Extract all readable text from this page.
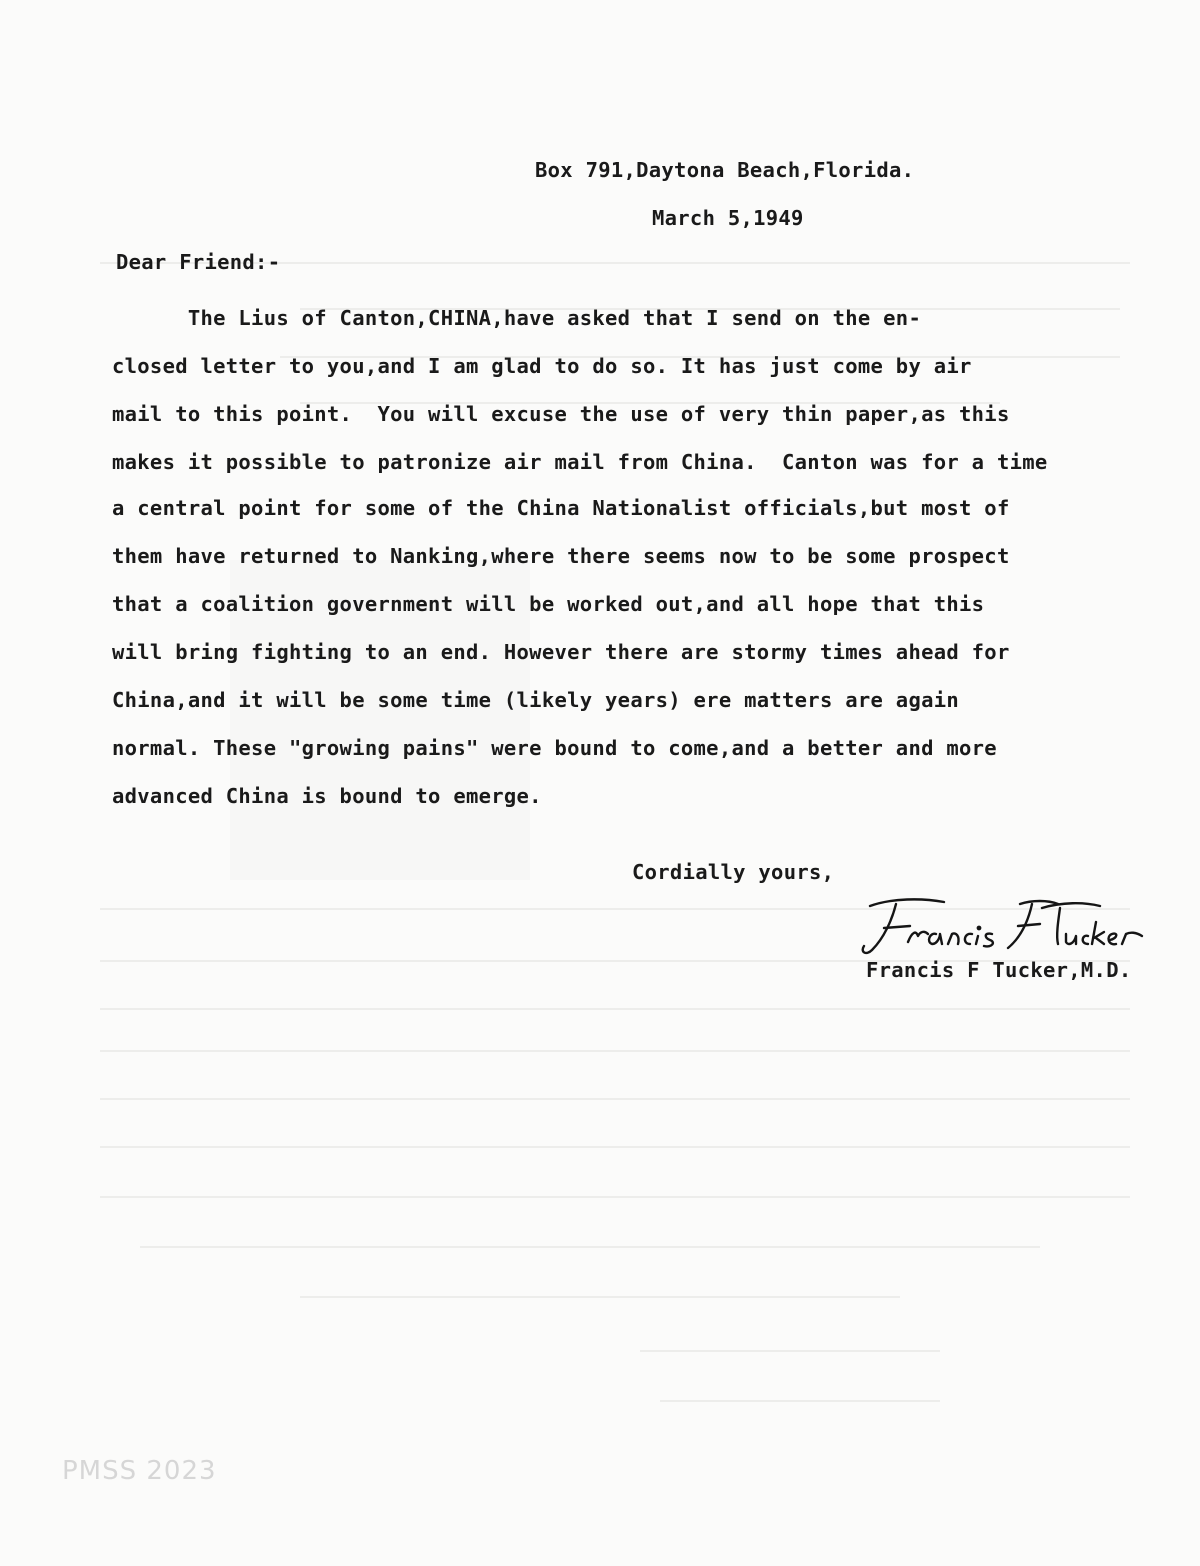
Box 791,Daytona Beach,Florida.
March 5,1949
Dear Friend:-
The Lius of Canton,CHINA,have asked that I send on the en-
closed letter to you,and I am glad to do so. It has just come by air
mail to this point.  You will excuse the use of very thin paper,as this
makes it possible to patronize air mail from China.  Canton was for a time
a central point for some of the China Nationalist officials,but most of
them have returned to Nanking,where there seems now to be some prospect
that a coalition government will be worked out,and all hope that this
will bring fighting to an end. However there are stormy times ahead for
China,and it will be some time (likely years) ere matters are again
normal. These "growing pains" were bound to come,and a better and more
advanced China is bound to emerge.
Cordially yours,
Francis F Tucker,M.D.
PMSS 2023
